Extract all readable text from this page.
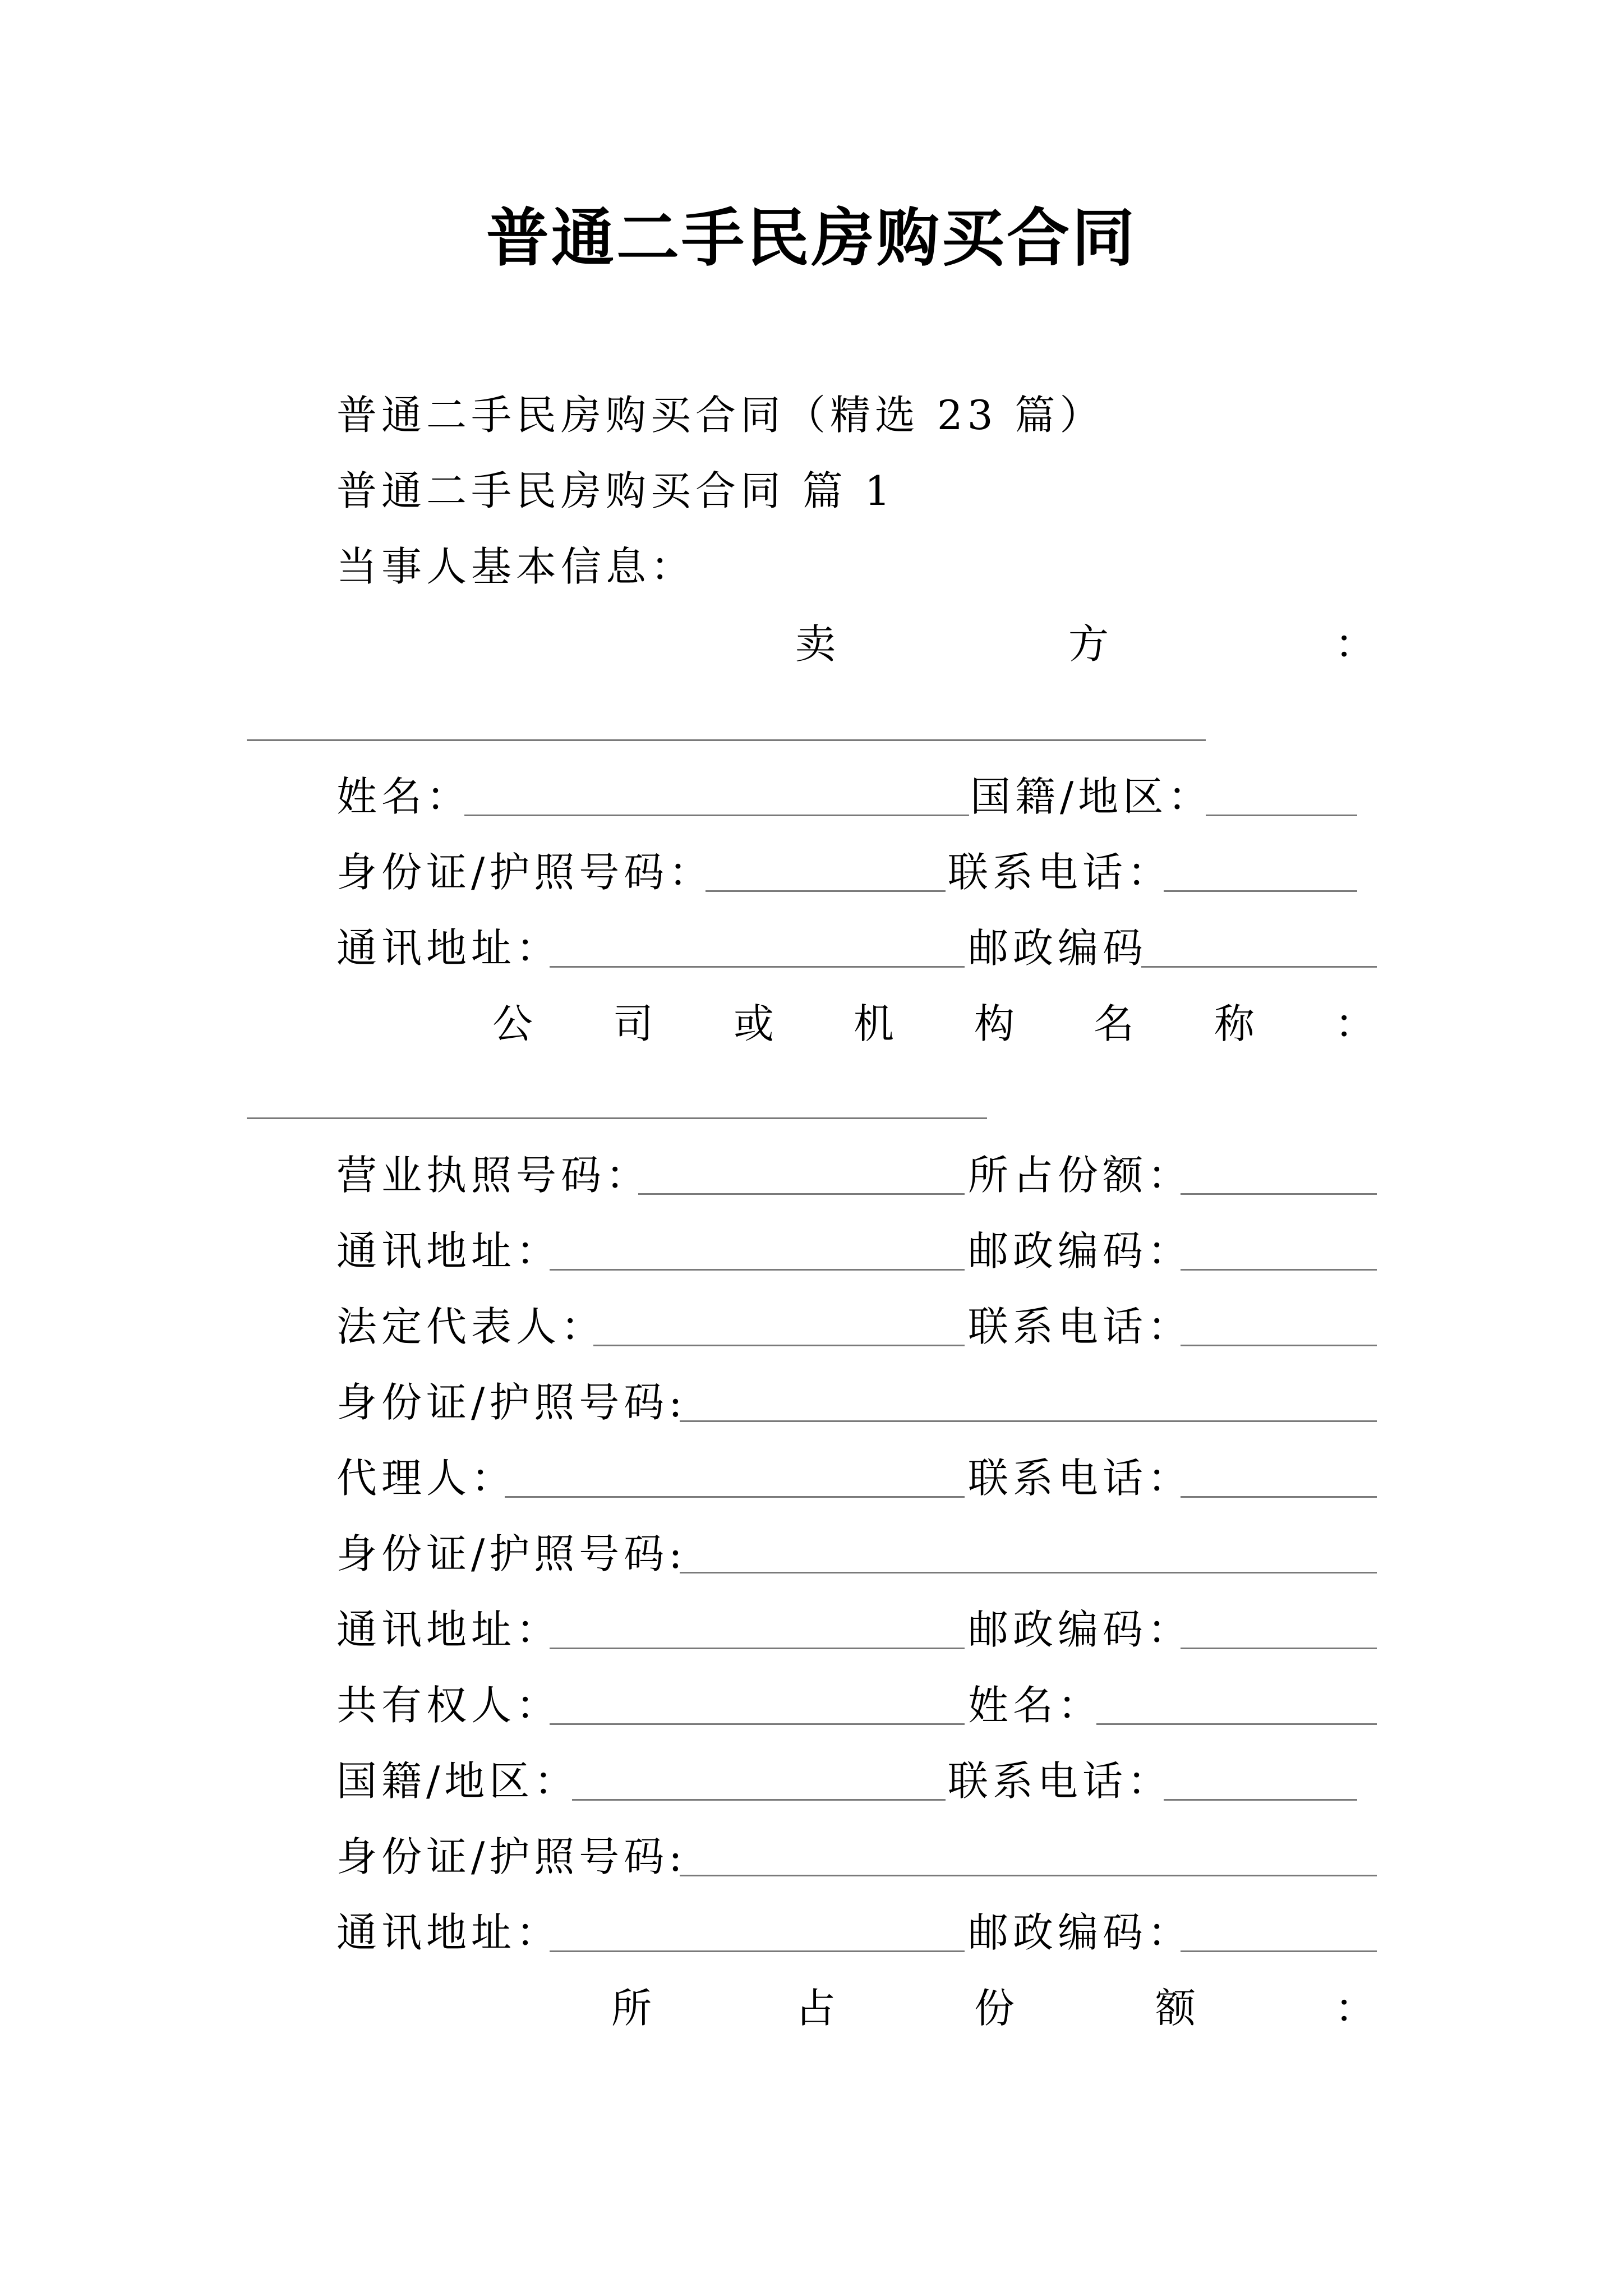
普通二手民房购买合同
普通二手民房购买合同（精选 23 篇）
普通二手民房购买合同 篇 1
当事人基本信息：
卖	方	：
姓名：	国籍/地区：
身份证/护照号码：	联系电话：
通讯地址：	邮政编码
公 司 或 机 构 名 称 ：
营业执照号码：	所占份额：
通讯地址：	邮政编码：
法定代表人：	联系电话：
身份证/护照号码:
代理人：	联系电话：
身份证/护照号码:
通讯地址：	邮政编码：
共有权人：	姓名：
国籍/地区：	联系电话：
身份证/护照号码:
通讯地址：	邮政编码：
所	占	份	额	：
